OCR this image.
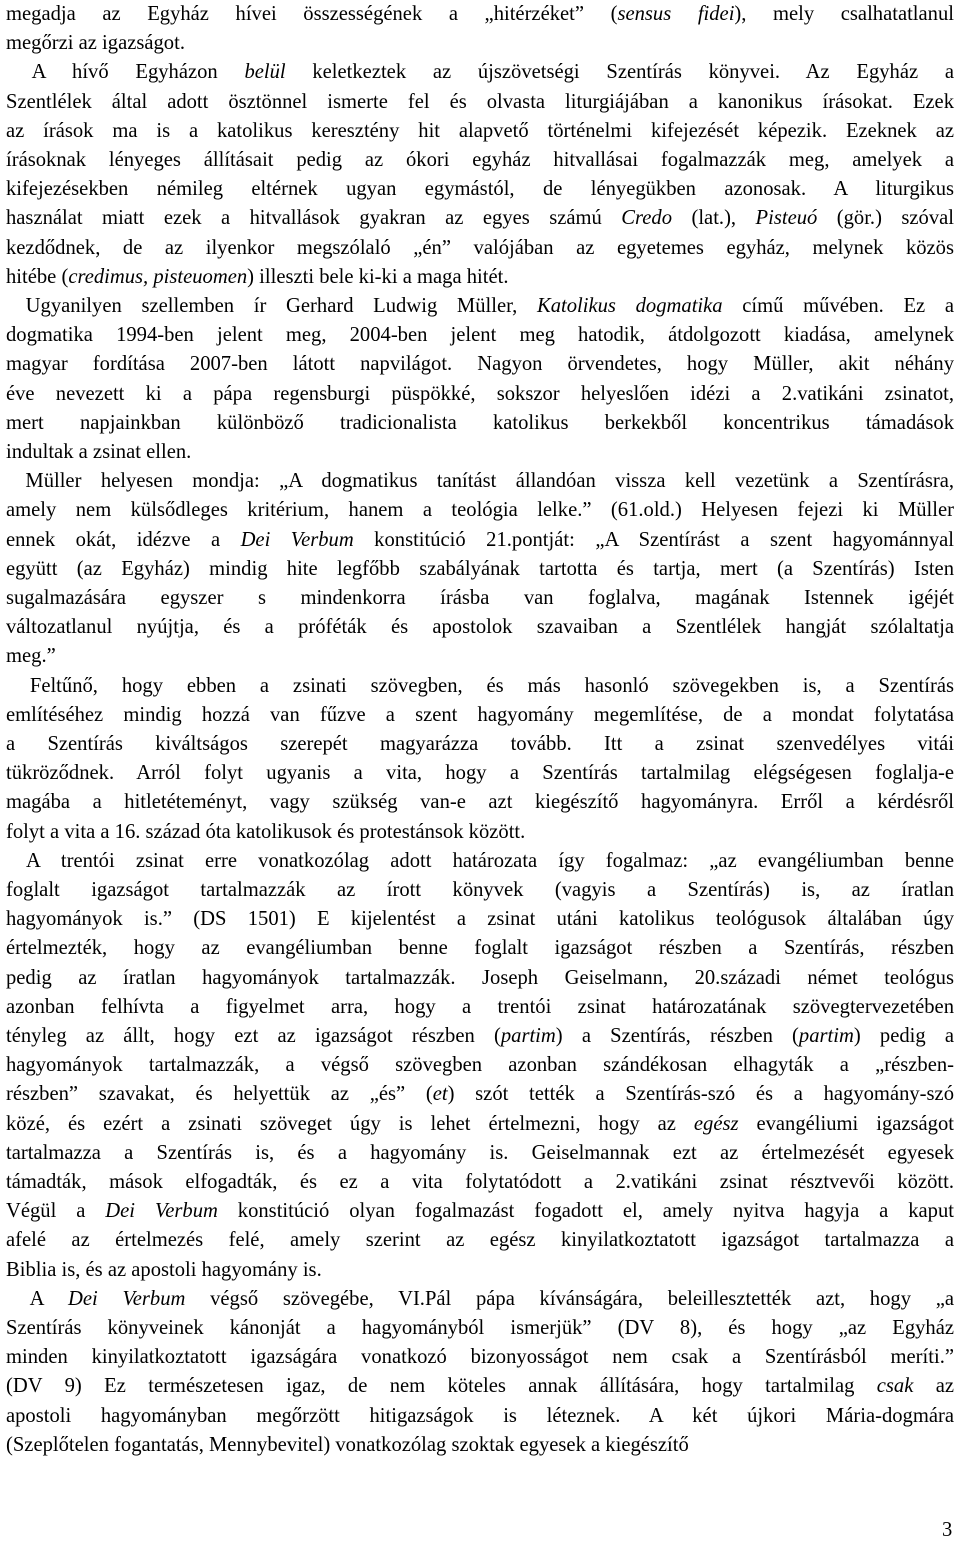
megadja az Egyház hívei összességének a „hitérzéket” (sensus fidei), mely csalhatatlanul
megőrzi az igazságot.
A hívő Egyházon belül keletkeztek az újszövetségi Szentírás könyvei. Az Egyház a
Szentlélek által adott ösztönnel ismerte fel és olvasta liturgiájában a kanonikus írásokat. Ezek
az írások ma is a katolikus keresztény hit alapvető történelmi kifejezését képezik. Ezeknek az
írásoknak lényeges állításait pedig az ókori egyház hitvallásai fogalmazzák meg, amelyek a
kifejezésekben némileg eltérnek ugyan egymástól, de lényegükben azonosak. A liturgikus
használat miatt ezek a hitvallások gyakran az egyes számú Credo (lat.), Pisteuó (gör.) szóval
kezdődnek, de az ilyenkor megszólaló „én” valójában az egyetemes egyház, melynek közös
hitébe (credimus, pisteuomen) illeszti bele ki-ki a maga hitét.
Ugyanilyen szellemben ír Gerhard Ludwig Müller, Katolikus dogmatika című művében. Ez a
dogmatika 1994-ben jelent meg, 2004-ben jelent meg hatodik, átdolgozott kiadása, amelynek
magyar fordítása 2007-ben látott napvilágot. Nagyon örvendetes, hogy Müller, akit néhány
éve nevezett ki a pápa regensburgi püspökké, sokszor helyeslően idézi a 2.vatikáni zsinatot,
mert napjainkban különböző tradicionalista katolikus berkekből koncentrikus támadások
indultak a zsinat ellen.
Müller helyesen mondja: „A dogmatikus tanítást állandóan vissza kell vezetünk a Szentírásra,
amely nem külsődleges kritérium, hanem a teológia lelke.” (61.old.) Helyesen fejezi ki Müller
ennek okát, idézve a Dei Verbum konstitúció 21.pontját: „A Szentírást a szent hagyománnyal
együtt (az Egyház) mindig hite legfőbb szabályának tartotta és tartja, mert (a Szentírás) Isten
sugalmazására egyszer s mindenkorra írásba van foglalva, magának Istennek igéjét
változatlanul nyújtja, és a próféták és apostolok szavaiban a Szentlélek hangját szólaltatja
meg.”
Feltűnő, hogy ebben a zsinati szövegben, és más hasonló szövegekben is, a Szentírás
említéséhez mindig hozzá van fűzve a szent hagyomány megemlítése, de a mondat folytatása
a Szentírás kiváltságos szerepét magyarázza tovább. Itt a zsinat szenvedélyes vitái
tükröződnek. Arról folyt ugyanis a vita, hogy a Szentírás tartalmilag elégségesen foglalja-e
magába a hitletéteményt, vagy szükség van-e azt kiegészítő hagyományra. Erről a kérdésről
folyt a vita a 16. század óta katolikusok és protestánsok között.
A trentói zsinat erre vonatkozólag adott határozata így fogalmaz: „az evangéliumban benne
foglalt igazságot tartalmazzák az írott könyvek (vagyis a Szentírás) is, az íratlan
hagyományok is.” (DS 1501) E kijelentést a zsinat utáni katolikus teológusok általában úgy
értelmezték, hogy az evangéliumban benne foglalt igazságot részben a Szentírás, részben
pedig az íratlan hagyományok tartalmazzák. Joseph Geiselmann, 20.századi német teológus
azonban felhívta a figyelmet arra, hogy a trentói zsinat határozatának szövegtervezetében
tényleg az állt, hogy ezt az igazságot részben (partim) a Szentírás, részben (partim) pedig a
hagyományok tartalmazzák, a végső szövegben azonban szándékosan elhagyták a „részben-
részben” szavakat, és helyettük az „és” (et) szót tették a Szentírás-szó és a hagyomány-szó
közé, és ezért a zsinati szöveget úgy is lehet értelmezni, hogy az egész evangéliumi igazságot
tartalmazza a Szentírás is, és a hagyomány is. Geiselmannak ezt az értelmezését egyesek
támadták, mások elfogadták, és ez a vita folytatódott a 2.vatikáni zsinat résztvevői között.
Végül a Dei Verbum konstitúció olyan fogalmazást fogadott el, amely nyitva hagyja a kaput
afelé az értelmezés felé, amely szerint az egész kinyilatkoztatott igazságot tartalmazza a
Biblia is, és az apostoli hagyomány is.
A Dei Verbum végső szövegébe, VI.Pál pápa kívánságára, beleillesztették azt, hogy „a
Szentírás könyveinek kánonját a hagyományból ismerjük” (DV 8), és hogy „az Egyház
minden kinyilatkoztatott igazságára vonatkozó bizonyosságot nem csak a Szentírásból meríti.”
(DV 9) Ez természetesen igaz, de nem köteles annak állítására, hogy tartalmilag csak az
apostoli hagyományban megőrzött hitigazságok is léteznek. A két újkori Mária-dogmára
(Szeplőtelen fogantatás, Mennybevitel) vonatkozólag szoktak egyesek a kiegészítő
3
